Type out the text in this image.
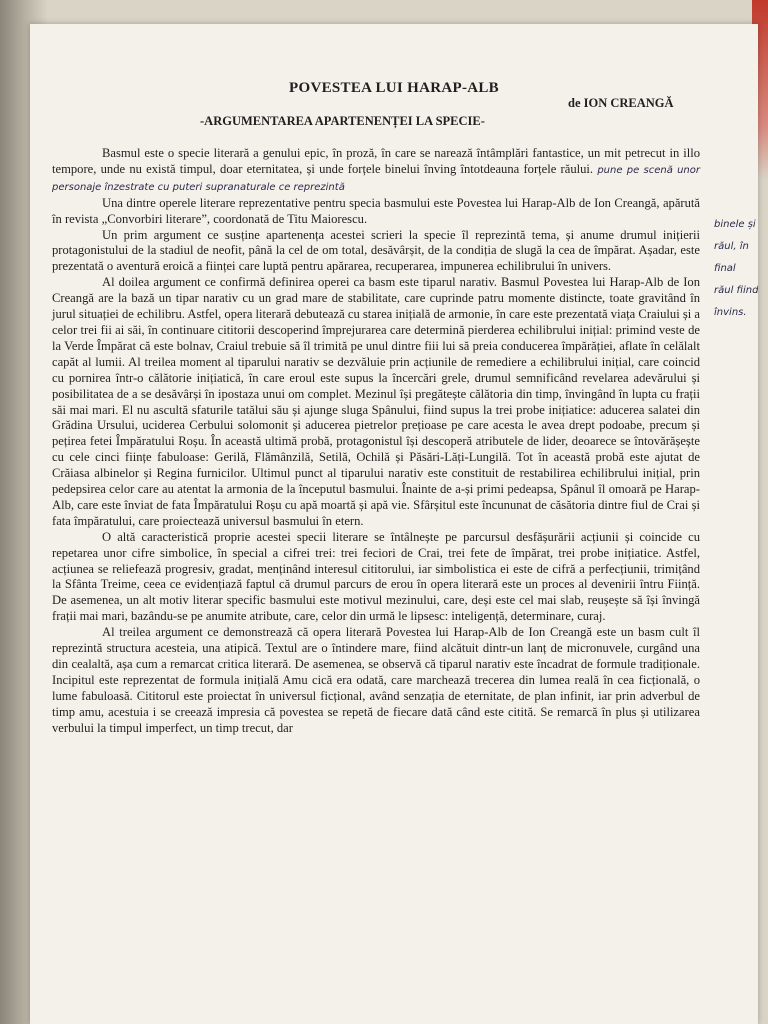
POVESTEA LUI HARAP-ALB
de ION CREANGĂ
-ARGUMENTAREA APARTENENȚEI LA SPECIE-

Basmul este o specie literară a genului epic, în proză, în care se narează întâmplări fantastice, un mit petrecut in illo tempore, unde nu există timpul, doar eternitatea, și unde forțele binelui înving întotdeauna forțele răului. pune pe scenă unor personaje înzestrate cu puteri supranaturale ce reprezintă

Una dintre operele literare reprezentative pentru specia basmului este Povestea lui Harap-Alb de Ion Creangă, apărută în revista „Convorbiri literare”, coordonată de Titu Maiorescu.

Un prim argument ce susține apartenența acestei scrieri la specie îl reprezintă tema, și anume drumul inițierii protagonistului de la stadiul de neofit, până la cel de om total, desăvârșit, de la condiția de slugă la cea de împărat. Așadar, este prezentată o aventură eroică a ființei care luptă pentru apărarea, recuperarea, impunerea echilibrului în univers.

Al doilea argument ce confirmă definirea operei ca basm este tiparul narativ. Basmul Povestea lui Harap-Alb de Ion Creangă are la bază un tipar narativ cu un grad mare de stabilitate, care cuprinde patru momente distincte, toate gravitând în jurul situației de echilibru. Astfel, opera literară debutează cu starea inițială de armonie, în care este prezentată viața Craiului și a celor trei fii ai săi, în continuare cititorii descoperind împrejurarea care determină pierderea echilibrului inițial: primind veste de la Verde Împărat că este bolnav, Craiul trebuie să îl trimită pe unul dintre fiii lui să preia conducerea împărăției, aflate în celălalt capăt al lumii. Al treilea moment al tiparului narativ se dezvăluie prin acțiunile de remediere a echilibrului inițial, care coincid cu pornirea într-o călătorie inițiatică, în care eroul este supus la încercări grele, drumul semnificând revelarea adevărului și posibilitatea de a se desăvârși în ipostaza unui om complet. Mezinul își pregătește călătoria din timp, învingând în lupta cu frații săi mai mari. El nu ascultă sfaturile tatălui său și ajunge sluga Spânului, fiind supus la trei probe inițiatice: aducerea salatei din Grădina Ursului, uciderea Cerbului solomonit și aducerea pietrelor prețioase pe care acesta le avea drept podoabe, precum și pețirea fetei Împăratului Roșu. În această ultimă probă, protagonistul își descoperă atributele de lider, deoarece se întovărășește cu cele cinci ființe fabuloase: Gerilă, Flămânzilă, Setilă, Ochilă și Păsări-Lăți-Lungilă. Tot în această probă este ajutat de Crăiasa albinelor și Regina furnicilor. Ultimul punct al tiparului narativ este constituit de restabilirea echilibrului inițial, prin pedepsirea celor care au atentat la armonia de la începutul basmului. Înainte de a-și primi pedeapsa, Spânul îl omoară pe Harap-Alb, care este înviat de fata Împăratului Roșu cu apă moartă și apă vie. Sfârșitul este încununat de căsătoria dintre fiul de Crai și fata împăratului, care proiectează universul basmului în etern.

O altă caracteristică proprie acestei specii literare se întâlnește pe parcursul desfășurării acțiunii și coincide cu repetarea unor cifre simbolice, în special a cifrei trei: trei feciori de Crai, trei fete de împărat, trei probe inițiatice. Astfel, acțiunea se reliefează progresiv, gradat, menținând interesul cititorului, iar simbolistica ei este de cifră a perfecțiunii, trimițând la Sfânta Treime, ceea ce evidențiază faptul că drumul parcurs de erou în opera literară este un proces al devenirii întru Ființă. De asemenea, un alt motiv literar specific basmului este motivul mezinului, care, deși este cel mai slab, reușește să își învingă frații mai mari, bazându-se pe anumite atribute, care, celor din urmă le lipsesc: inteligență, determinare, curaj.

Al treilea argument ce demonstrează că opera literară Povestea lui Harap-Alb de Ion Creangă este un basm cult îl reprezintă structura acesteia, una atipică. Textul are o întindere mare, fiind alcătuit dintr-un lanț de micronuvele, curgând una din cealaltă, așa cum a remarcat critica literară. De asemenea, se observă că tiparul narativ este încadrat de formule tradiționale. Incipitul este reprezentat de formula inițială Amu cică era odată, care marchează trecerea din lumea reală în cea ficțională, o lume fabuloasă. Cititorul este proiectat în universul ficțional, având senzația de eternitate, de plan infinit, iar prin adverbul de timp amu, acestuia i se creează impresia că povestea se repetă de fiecare dată când este citită. Se remarcă în plus și utilizarea verbului la timpul imperfect, un timp trecut, dar

binele și
răul, în
final
răul fiind
învins.
